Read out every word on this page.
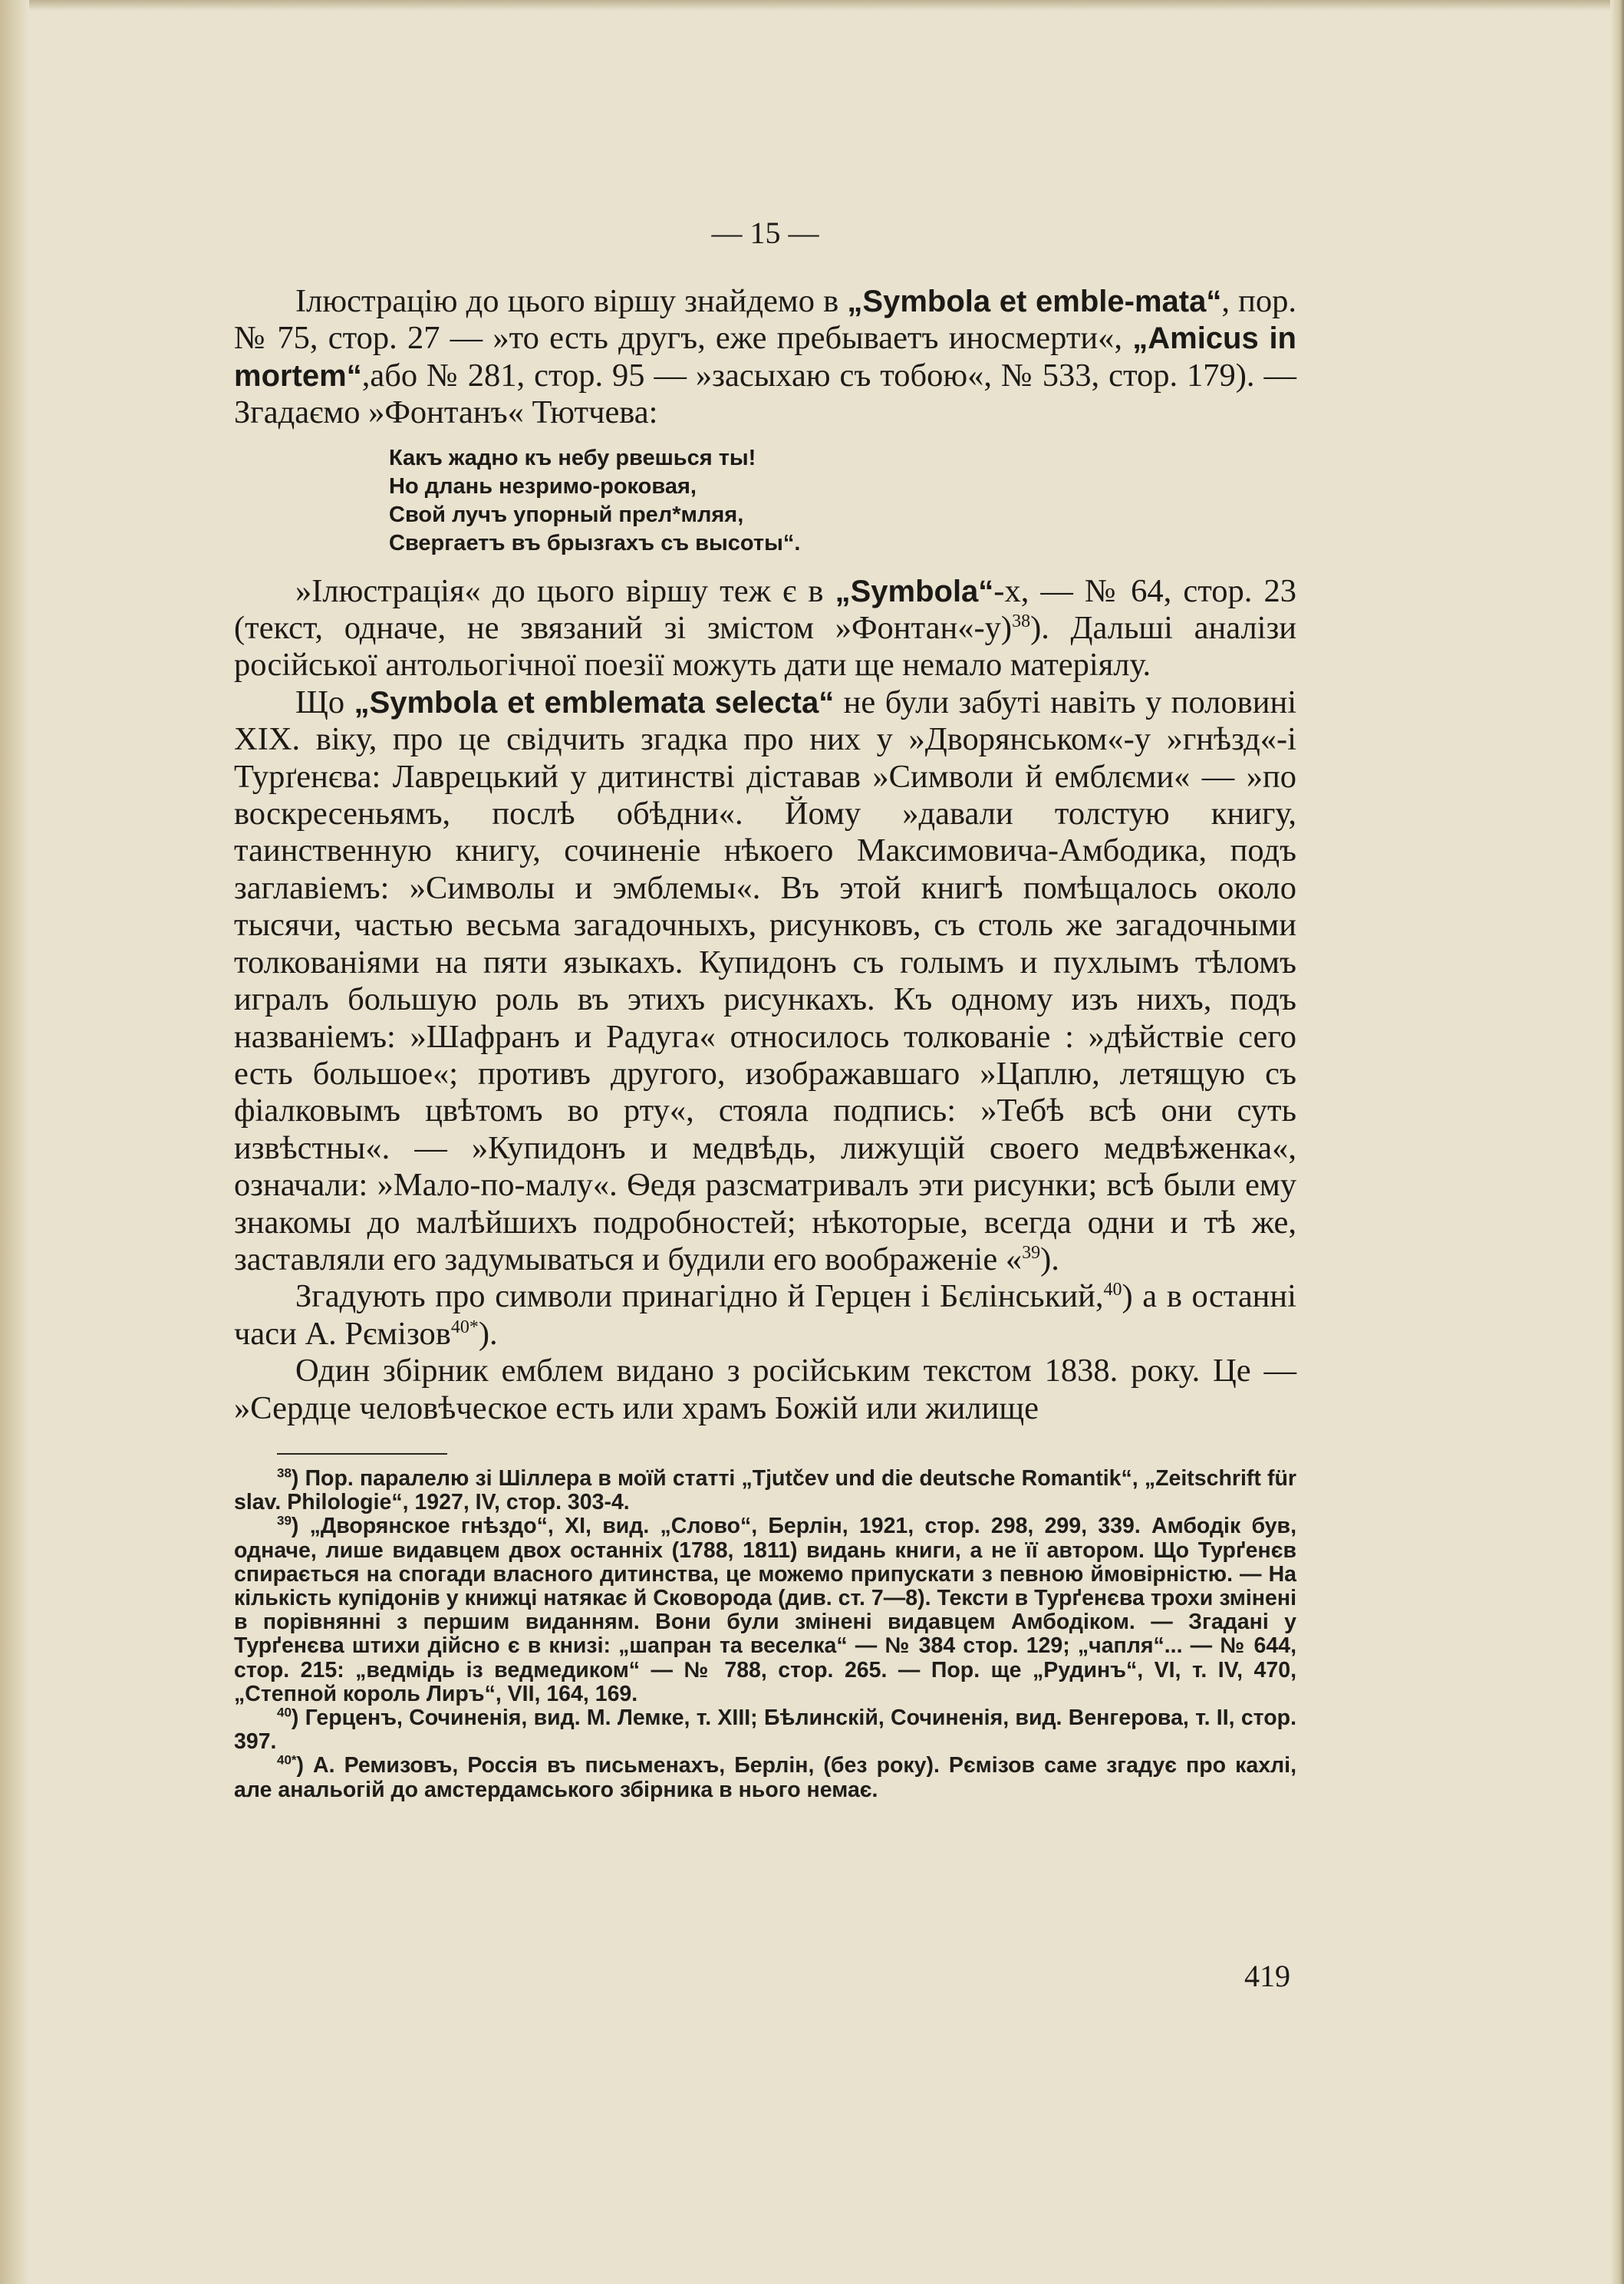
— 15 —

Ілюстрацію до цього віршу знайдемо в „Symbola et emble-mata“, пор. № 75, стор. 27 — »то есть другъ, еже пребываетъ иносмерти«, „Amicus in mortem“,або № 281, стор. 95 — »засыхаю съ тобою«, № 533, стор. 179). — Згадаємо »Фонтанъ« Тютчева:

Какъ жадно къ небу рвешься ты!
Но длань незримо-роковая,
Свой лучъ упорный прел*мляя,
Свергаетъ въ брызгахъ съ высоты“.

»Ілюстрація« до цього віршу теж є в „Symbola“-х, — № 64, стор. 23 (текст, одначе, не звязаний зі змістом »Фонтан«-у)$^{38}$). Дальші аналізи російської антольогічної поезії можуть дати ще немало матеріялу.

Що „Symbola et emblemata selecta“ не були забуті навіть у половині XIX. віку, про це свідчить згадка про них у »Дворянськом«-у »гнѣзд«-і Турґенєва: Лаврецький у дитинстві діставав »Символи й емблєми« — »по воскресеньямъ, послѣ обѣдни«. Йому »давали толстую книгу, таинственную книгу, сочиненіе нѣкоего Максимовича-Амбодика, подъ заглавіемъ: »Символы и эмблемы«. Въ этой книгѣ помѣщалось около тысячи, частью весьма загадочныхъ, рисунковъ, съ столь же загадочными толкованіями на пяти языкахъ. Купидонъ съ голымъ и пухлымъ тѣломъ игралъ большую роль въ этихъ рисункахъ. Къ одному изъ нихъ, подъ названіемъ: »Шафранъ и Радуга« относилось толкованіе : »дѣйствіе сего есть большое«; противъ другого, изображавшаго »Цаплю, летящую съ фіалковымъ цвѣтомъ во рту«, стояла подпись: »Тебѣ всѣ они суть извѣстны«. — »Купидонъ и медвѣдь, лижущій своего медвѣженка«, означали: »Мало-по-малу«. Ѳедя разсматривалъ эти рисунки; всѣ были ему знакомы до малѣйшихъ подробностей; нѣкоторые, всегда одни и тѣ же, заставляли его задумываться и будили его воображеніе «$^{39}$).

Згадують про символи принагідно й Герцен і Бєлінський,$^{40}$) а в останні часи А. Рємізов$^{40*}$).

Один збірник емблем видано з російським текстом 1838. року. Це — »Сердце человѣческое есть или храмъ Божій или жилище

$^{38}$) Пор. паралелю зі Шіллера в моїй статті „Tjutčev und die deutsche Romantik“, „Zeitschrift für slav. Philologie“, 1927, IV, стор. 303-4.

$^{39}$) „Дворянское гнѣздо“, XI, вид. „Слово“, Берлін, 1921, стор. 298, 299, 339. Амбодік був, одначе, лише видавцем двох останніх (1788, 1811) видань книги, а не її автором. Що Турґенєв спирається на спогади власного дитинства, це можемо припускати з певною ймовірністю. — На кількість купідонів у книжці натякає й Сковорода (див. ст. 7—8). Тексти в Турґенєва трохи змінені в порівнянні з першим виданням. Вони були змінені видавцем Амбодіком. — Згадані у Турґенєва штихи дійсно є в книзі: „шапран та веселка“ — № 384 стор. 129; „чапля“... — № 644, стор. 215: „ведмідь із ведмедиком“ — № 788, стор. 265. — Пор. ще „Рудинъ“, VI, т. IV, 470, „Степной король Лиръ“, VII, 164, 169.

$^{40}$) Герценъ, Сочиненія, вид. М. Лемке, т. XIII; Бѣлинскій, Сочиненія, вид. Венгерова, т. II, стор. 397.

$^{40*}$) А. Ремизовъ, Россія въ письменахъ, Берлін, (без року). Рємізов саме згадує про кахлі, але анальогій до амстердамського збірника в нього немає.

419
